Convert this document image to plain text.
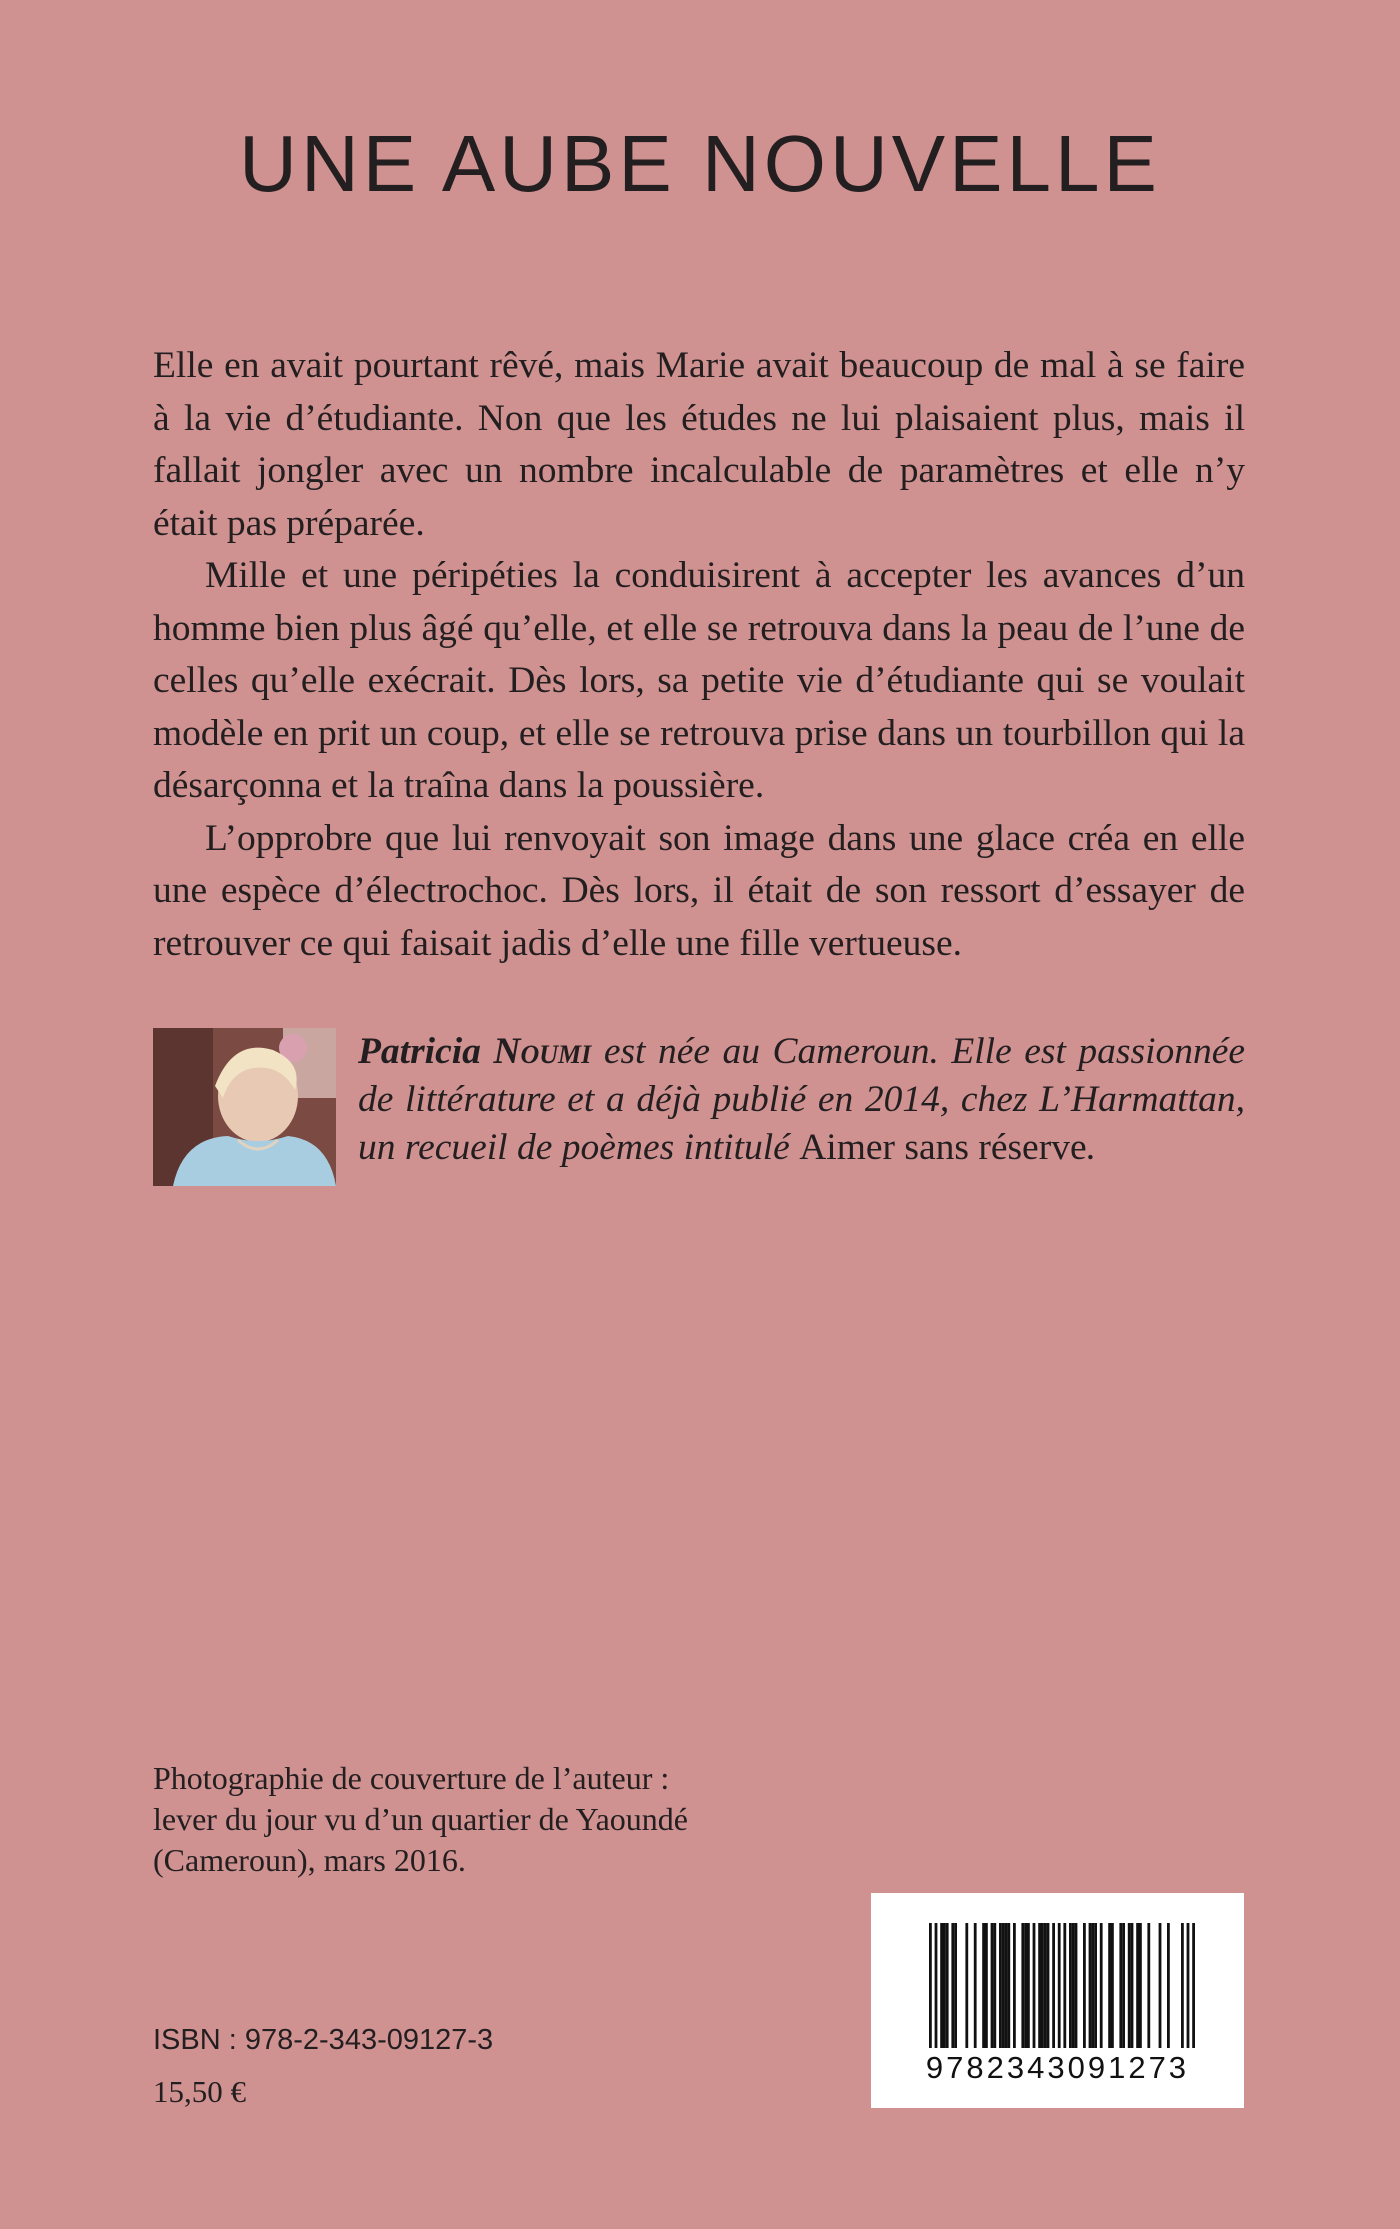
UNE AUBE NOUVELLE

Elle en avait pourtant rêvé, mais Marie avait beaucoup de mal à se faire à la vie d’étudiante. Non que les études ne lui plaisaient plus, mais il fallait jongler avec un nombre incalculable de paramètres et elle n’y était pas préparée.

Mille et une péripéties la conduisirent à accepter les avances d’un homme bien plus âgé qu’elle, et elle se retrouva dans la peau de l’une de celles qu’elle exécrait. Dès lors, sa petite vie d’étudiante qui se voulait modèle en prit un coup, et elle se retrouva prise dans un tourbillon qui la désarçonna et la traîna dans la poussière.

L’opprobre que lui renvoyait son image dans une glace créa en elle une espèce d’électrochoc. Dès lors, il était de son ressort d’essayer de retrouver ce qui faisait jadis d’elle une fille vertueuse.

Patricia Noumi est née au Cameroun. Elle est passionnée de littérature et a déjà publié en 2014, chez L’Harmattan, un recueil de poèmes intitulé Aimer sans réserve.
Photographie de couverture de l’auteur :
lever du jour vu d’un quartier de Yaoundé
(Cameroun), mars 2016.
9782343091273
ISBN : 978-2-343-09127-3
15,50 €
